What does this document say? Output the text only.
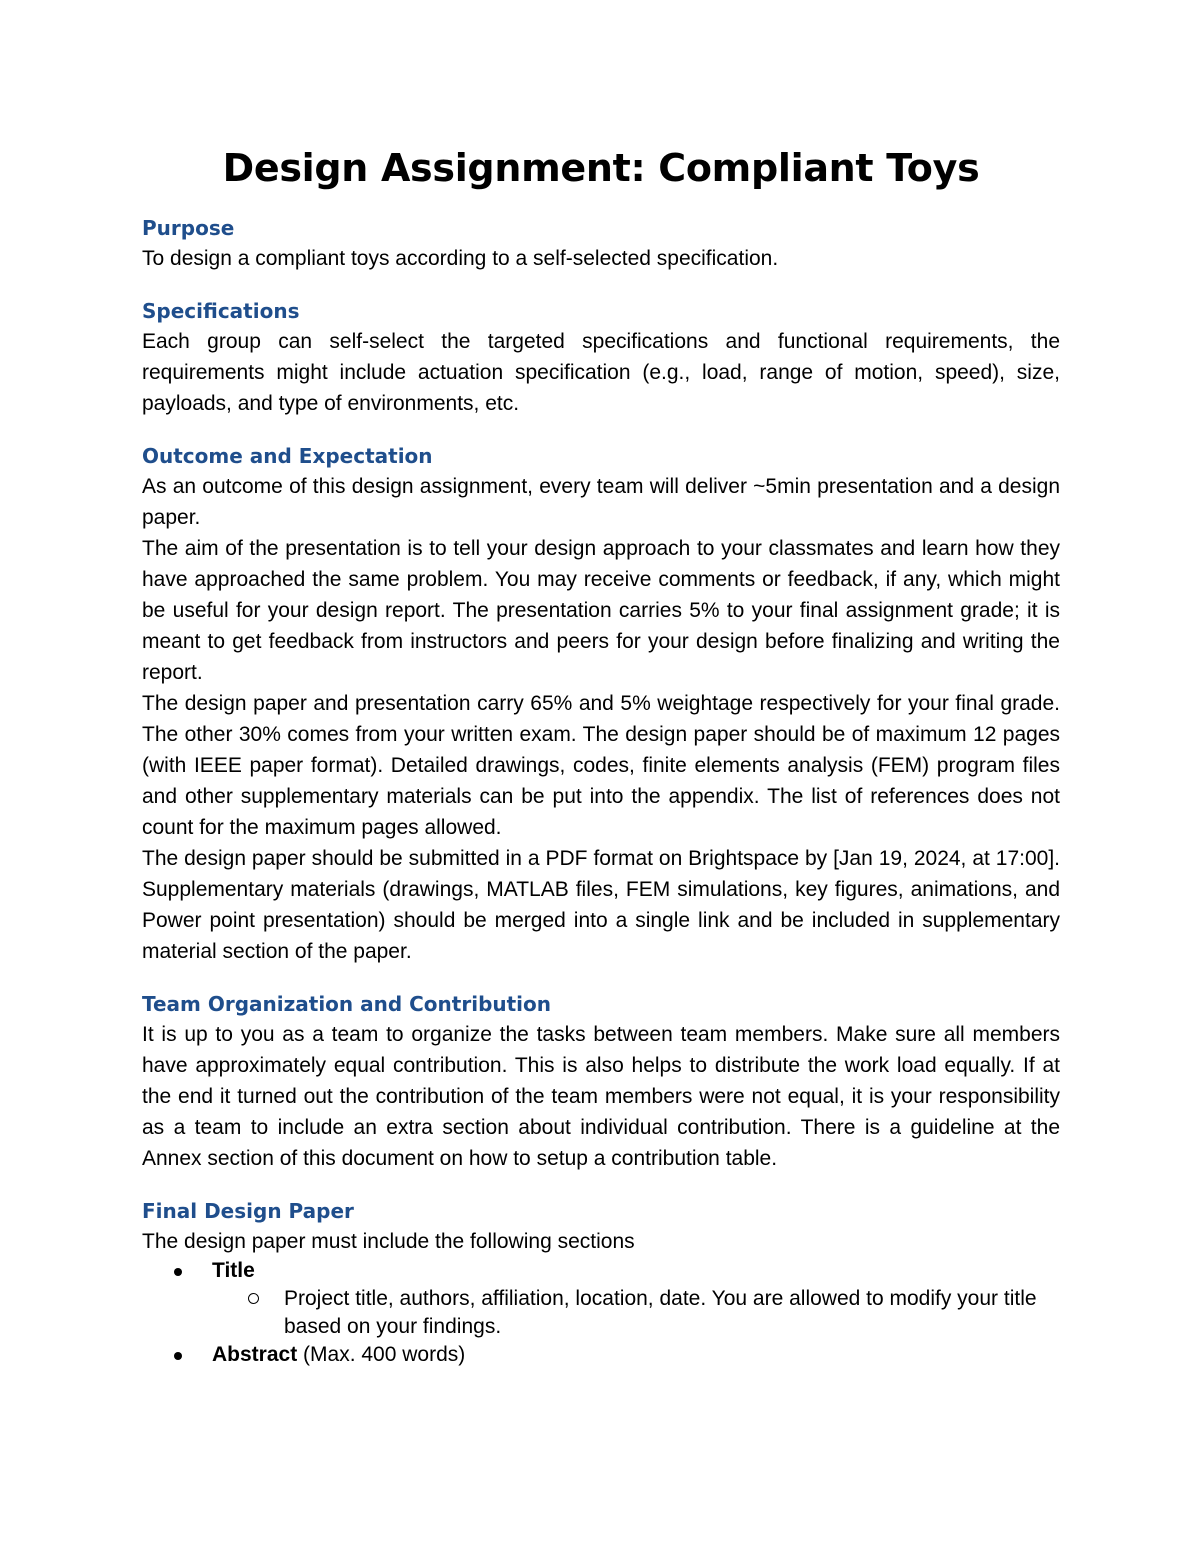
Design Assignment: Compliant Toys
Purpose

To design a compliant toys according to a self-selected specification.

Specifications

Each group can self-select the targeted specifications and functional requirements, the requirements might include actuation specification (e.g., load, range of motion, speed), size, payloads, and type of environments, etc.

Outcome and Expectation

As an outcome of this design assignment, every team will deliver ~5min presentation and a design paper.

The aim of the presentation is to tell your design approach to your classmates and learn how they have approached the same problem. You may receive comments or feedback, if any, which might be useful for your design report. The presentation carries 5% to your final assignment grade; it is meant to get feedback from instructors and peers for your design before finalizing and writing the report.

The design paper and presentation carry 65% and 5% weightage respectively for your final grade. The other 30% comes from your written exam. The design paper should be of maximum 12 pages (with IEEE paper format). Detailed drawings, codes, finite elements analysis (FEM) program files and other supplementary materials can be put into the appendix. The list of references does not count for the maximum pages allowed.

The design paper should be submitted in a PDF format on Brightspace by [Jan 19, 2024, at 17:00]. Supplementary materials (drawings, MATLAB files, FEM simulations, key figures, animations, and Power point presentation) should be merged into a single link and be included in supplementary material section of the paper.

Team Organization and Contribution

It is up to you as a team to organize the tasks between team members. Make sure all members have approximately equal contribution. This is also helps to distribute the work load equally. If at the end it turned out the contribution of the team members were not equal, it is your responsibility as a team to include an extra section about individual contribution. There is a guideline at the Annex section of this document on how to setup a contribution table.

Final Design Paper

The design paper must include the following sections

Title
Project title, authors, affiliation, location, date. You are allowed to modify your title based on your findings.
Abstract (Max. 400 words)
